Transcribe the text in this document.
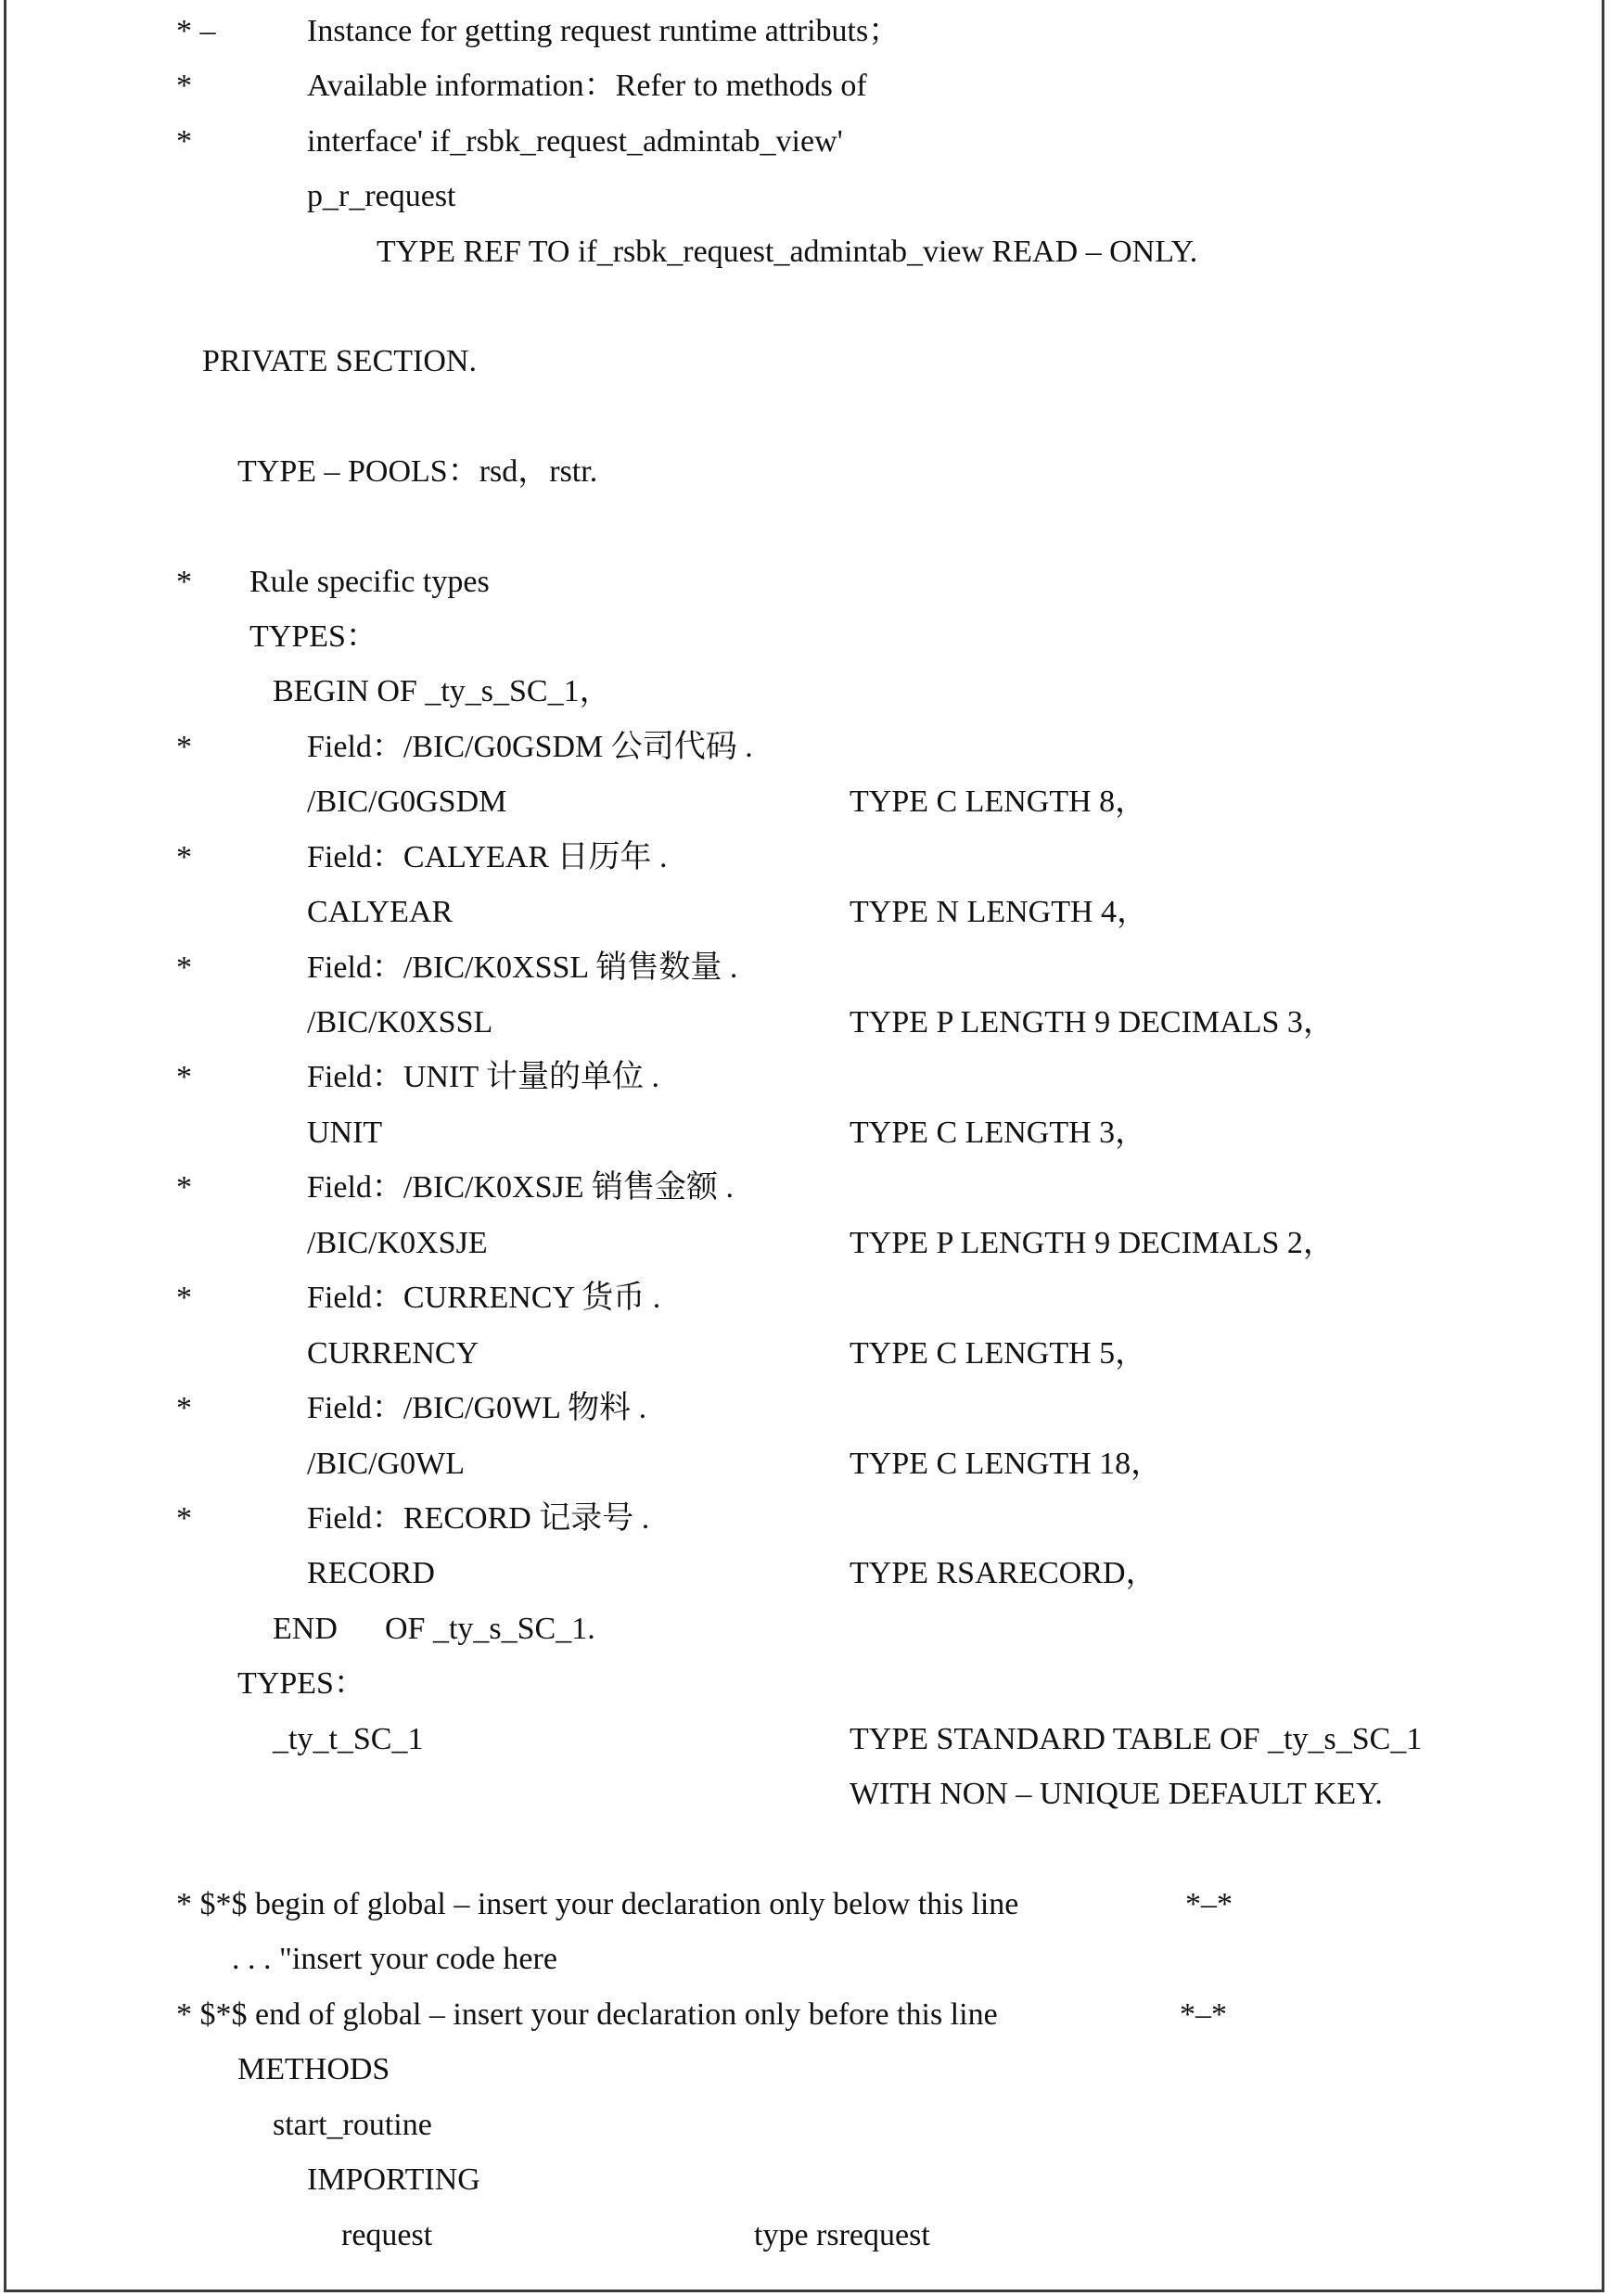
* –	Instance for getting request runtime attributs；
*	Available information：Refer to methods of
*	interface' if_rsbk_request_admintab_view'
p_r_request
TYPE REF TO if_rsbk_request_admintab_view READ – ONLY.
PRIVATE SECTION.
TYPE – POOLS：rsd，rstr.
* Rule specific types
TYPES：
BEGIN OF _ty_s_SC_1，
*	Field：/BIC/G0GSDM 公司代码 .
/BIC/G0GSDM	TYPE C LENGTH 8，
*	Field：CALYEAR 日历年 .
CALYEAR	TYPE N LENGTH 4，
*	Field：/BIC/K0XSSL 销售数量 .
/BIC/K0XSSL	TYPE P LENGTH 9 DECIMALS 3，
*	Field：UNIT 计量的单位 .
UNIT	TYPE C LENGTH 3，
*	Field：/BIC/K0XSJE 销售金额 .
/BIC/K0XSJE	TYPE P LENGTH 9 DECIMALS 2，
*	Field：CURRENCY 货币 .
CURRENCY	TYPE C LENGTH 5，
*	Field：/BIC/G0WL 物料 .
/BIC/G0WL	TYPE C LENGTH 18，
*	Field：RECORD 记录号 .
RECORD	TYPE RSARECORD，
END OF _ty_s_SC_1.
TYPES：
_ty_t_SC_1	TYPE STANDARD TABLE OF _ty_s_SC_1
WITH NON – UNIQUE DEFAULT KEY.
* $*$ begin of global – insert your declaration only below this line	*–*
. . . "insert your code here
* $*$ end of global – insert your declaration only before this line	*–*
METHODS
start_routine
IMPORTING
request	type rsrequest
